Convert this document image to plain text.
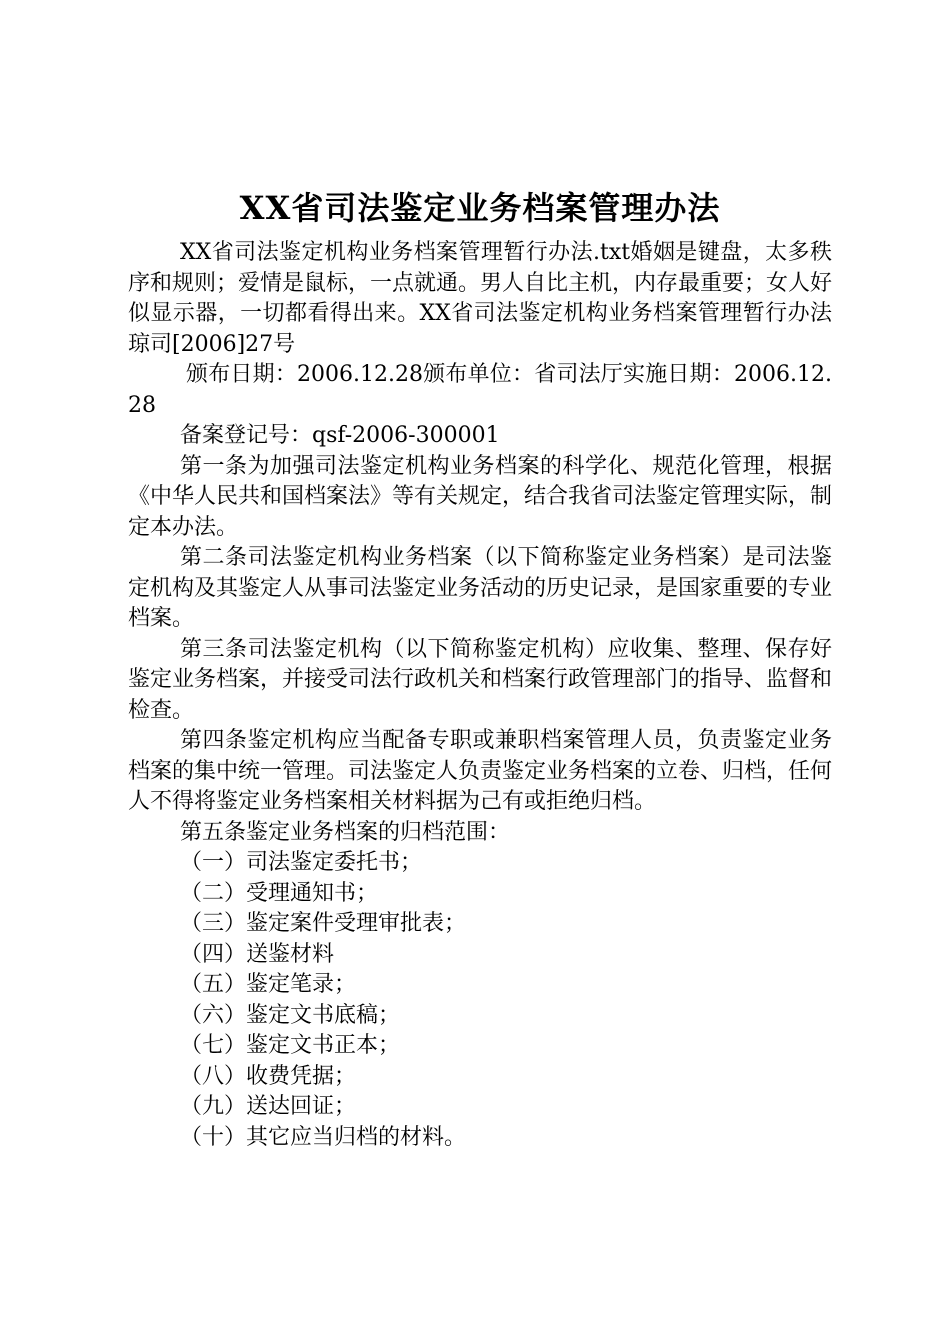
XX省司法鉴定业务档案管理办法

XX省司法鉴定机构业务档案管理暂行办法.txt婚姻是键盘，太多秩序和规则；爱情是鼠标，一点就通。男人自比主机，内存最重要；女人好似显示器，一切都看得出来。XX省司法鉴定机构业务档案管理暂行办法琼司[2006]27号

颁布日期：2006.12.28颁布单位：省司法厅实施日期：2006.12.28

备案登记号：qsf-2006-300001

第一条为加强司法鉴定机构业务档案的科学化、规范化管理，根据《中华人民共和国档案法》等有关规定，结合我省司法鉴定管理实际，制定本办法。

第二条司法鉴定机构业务档案（以下简称鉴定业务档案）是司法鉴定机构及其鉴定人从事司法鉴定业务活动的历史记录，是国家重要的专业档案。

第三条司法鉴定机构（以下简称鉴定机构）应收集、整理、保存好鉴定业务档案，并接受司法行政机关和档案行政管理部门的指导、监督和检查。

第四条鉴定机构应当配备专职或兼职档案管理人员，负责鉴定业务档案的集中统一管理。司法鉴定人负责鉴定业务档案的立卷、归档，任何人不得将鉴定业务档案相关材料据为己有或拒绝归档。

第五条鉴定业务档案的归档范围：

（一）司法鉴定委托书；
（二）受理通知书；
（三）鉴定案件受理审批表；
（四）送鉴材料
（五）鉴定笔录；
（六）鉴定文书底稿；
（七）鉴定文书正本；
（八）收费凭据；
（九）送达回证；
（十）其它应当归档的材料。
